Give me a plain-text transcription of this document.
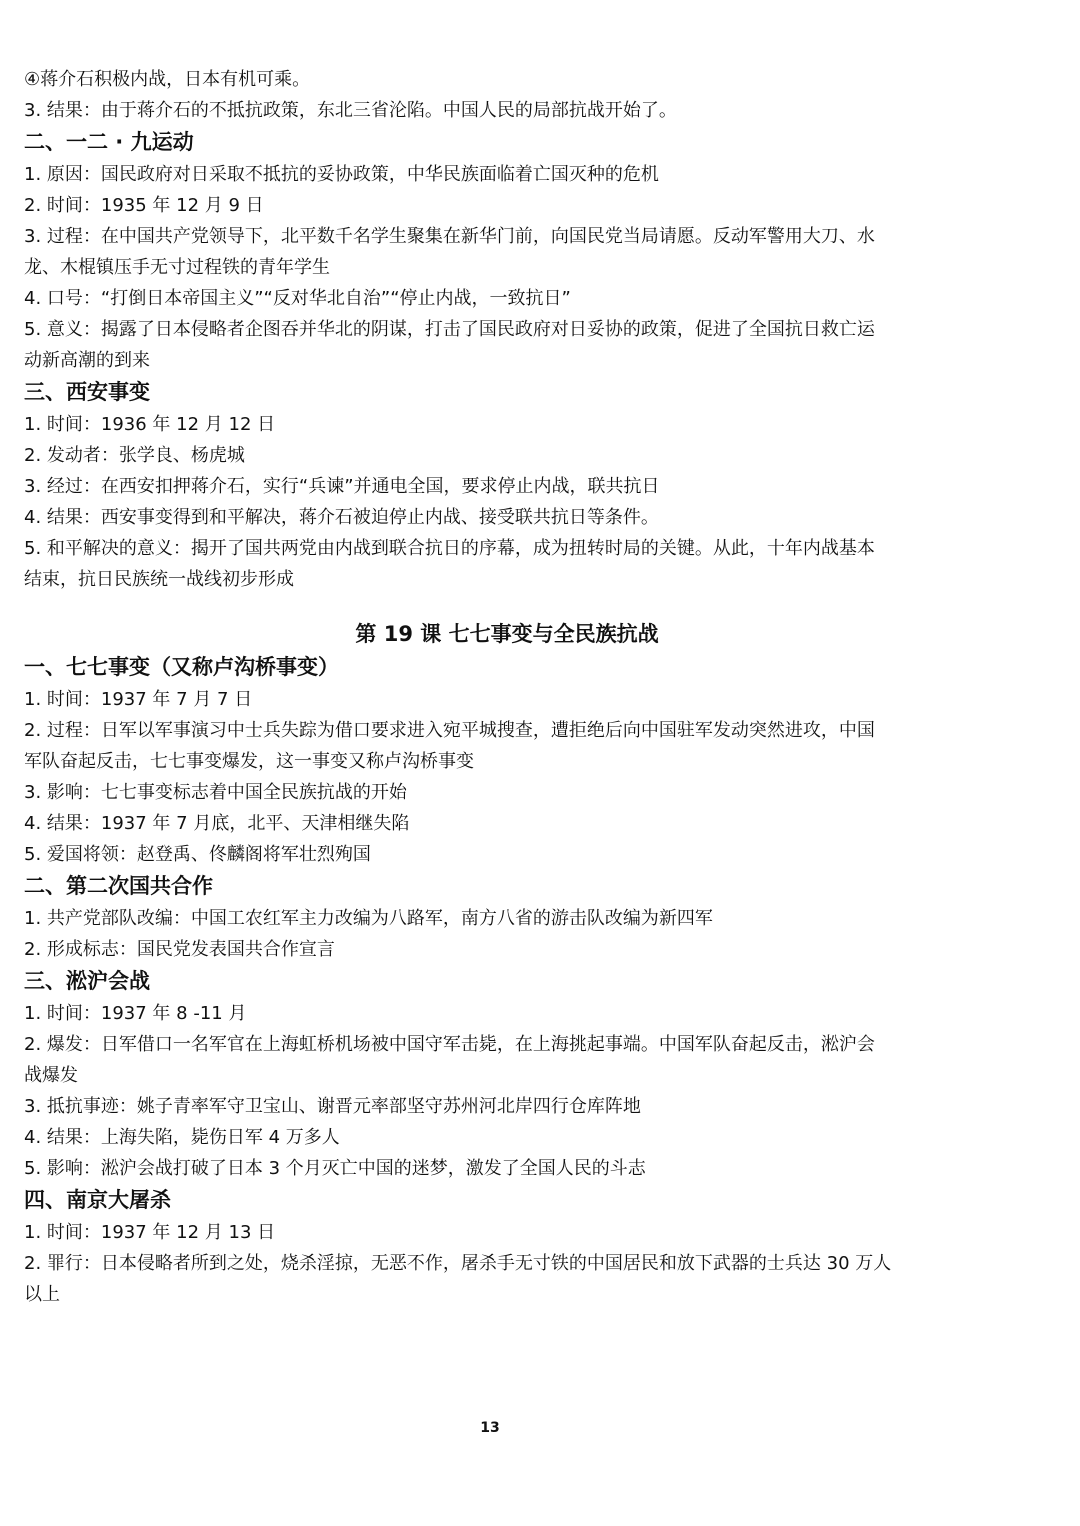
④蒋介石积极内战，日本有机可乘。
3. 结果：由于蒋介石的不抵抗政策，东北三省沦陷。中国人民的局部抗战开始了。
二、一二 · 九运动
1. 原因：国民政府对日采取不抵抗的妥协政策，中华民族面临着亡国灭种的危机
2. 时间：1935 年 12 月 9 日
3. 过程：在中国共产党领导下，北平数千名学生聚集在新华门前，向国民党当局请愿。反动军警用大刀、水
龙、木棍镇压手无寸过程铁的青年学生
4. 口号：“打倒日本帝国主义”“反对华北自治”“停止内战，一致抗日”
5. 意义：揭露了日本侵略者企图吞并华北的阴谋，打击了国民政府对日妥协的政策，促进了全国抗日救亡运
动新高潮的到来
三、西安事变
1. 时间：1936 年 12 月 12 日
2. 发动者：张学良、杨虎城
3. 经过：在西安扣押蒋介石，实行“兵谏”并通电全国，要求停止内战，联共抗日
4. 结果：西安事变得到和平解决，蒋介石被迫停止内战、接受联共抗日等条件。
5. 和平解决的意义：揭开了国共两党由内战到联合抗日的序幕，成为扭转时局的关键。从此，十年内战基本
结束，抗日民族统一战线初步形成
第 19 课 七七事变与全民族抗战
一、七七事变（又称卢沟桥事变）
1. 时间：1937 年 7 月 7 日
2. 过程：日军以军事演习中士兵失踪为借口要求进入宛平城搜查，遭拒绝后向中国驻军发动突然进攻，中国
军队奋起反击，七七事变爆发，这一事变又称卢沟桥事变
3. 影响：七七事变标志着中国全民族抗战的开始
4. 结果：1937 年 7 月底，北平、天津相继失陷
5. 爱国将领：赵登禹、佟麟阁将军壮烈殉国
二、第二次国共合作
1. 共产党部队改编：中国工农红军主力改编为八路军，南方八省的游击队改编为新四军
2. 形成标志：国民党发表国共合作宣言
三、淞沪会战
1. 时间：1937 年 8 -11 月
2. 爆发：日军借口一名军官在上海虹桥机场被中国守军击毙，在上海挑起事端。中国军队奋起反击，淞沪会
战爆发
3. 抵抗事迹：姚子青率军守卫宝山、谢晋元率部坚守苏州河北岸四行仓库阵地
4. 结果：上海失陷，毙伤日军 4 万多人
5. 影响：淞沪会战打破了日本 3 个月灭亡中国的迷梦，激发了全国人民的斗志
四、南京大屠杀
1. 时间：1937 年 12 月 13 日
2. 罪行：日本侵略者所到之处，烧杀淫掠，无恶不作，屠杀手无寸铁的中国居民和放下武器的士兵达 30 万人
以上
13
